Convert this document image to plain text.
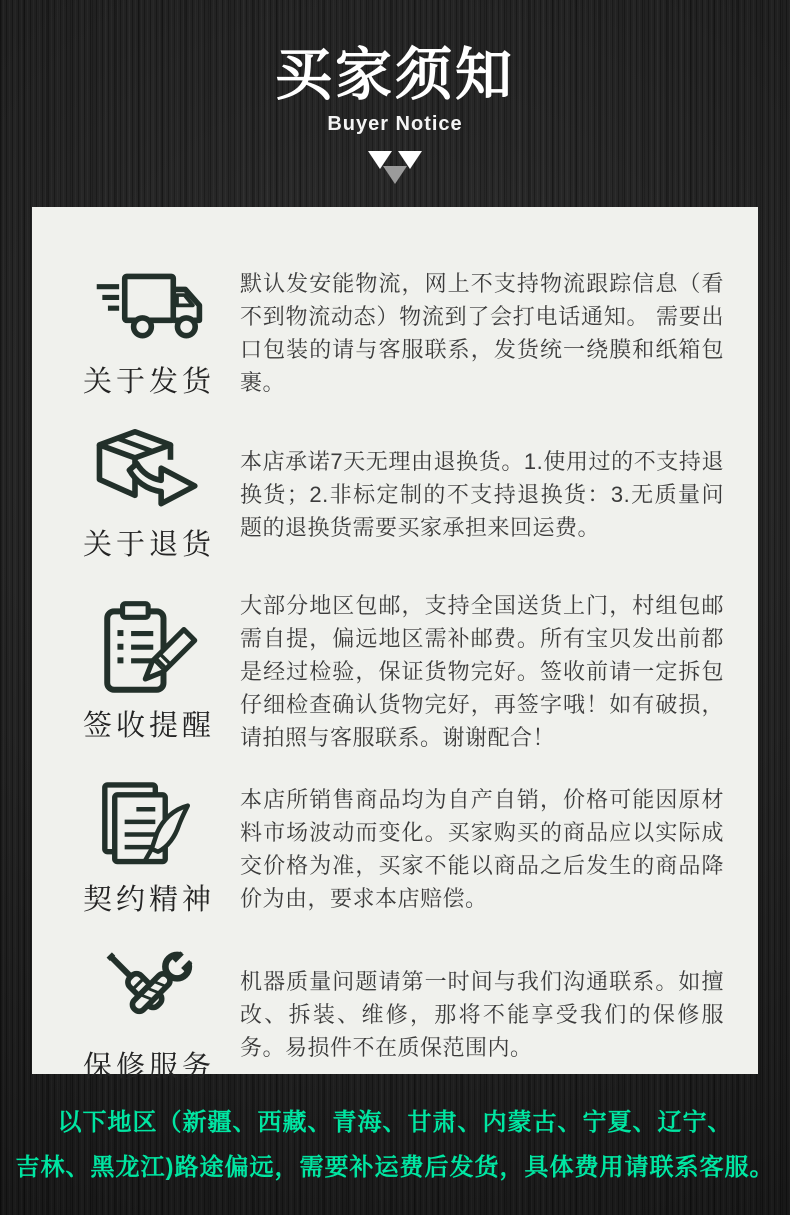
买家须知
Buyer Notice
关于发货
默认发安能物流，网上不支持物流跟踪信息（看不到物流动态）物流到了会打电话通知。 需要出口包装的请与客服联系，发货统一绕膜和纸箱包裹。
关于退货
本店承诺7天无理由退换货。1.使用过的不支持退换货；2.非标定制的不支持退换货：3.无质量问题的退换货需要买家承担来回运费。
签收提醒
大部分地区包邮，支持全国送货上门，村组包邮需自提，偏远地区需补邮费。所有宝贝发出前都是经过检验，保证货物完好。签收前请一定拆包仔细检查确认货物完好，再签字哦！如有破损，请拍照与客服联系。谢谢配合！
契约精神
本店所销售商品均为自产自销，价格可能因原材料市场波动而变化。买家购买的商品应以实际成交价格为准，买家不能以商品之后发生的商品降价为由，要求本店赔偿。
保修服务
机器质量问题请第一时间与我们沟通联系。如擅改、拆装、维修，那将不能享受我们的保修服务。易损件不在质保范围内。
以下地区（新疆、西藏、青海、甘肃、内蒙古、宁夏、辽宁、
吉林、黑龙江)路途偏远，需要补运费后发货，具体费用请联系客服。
